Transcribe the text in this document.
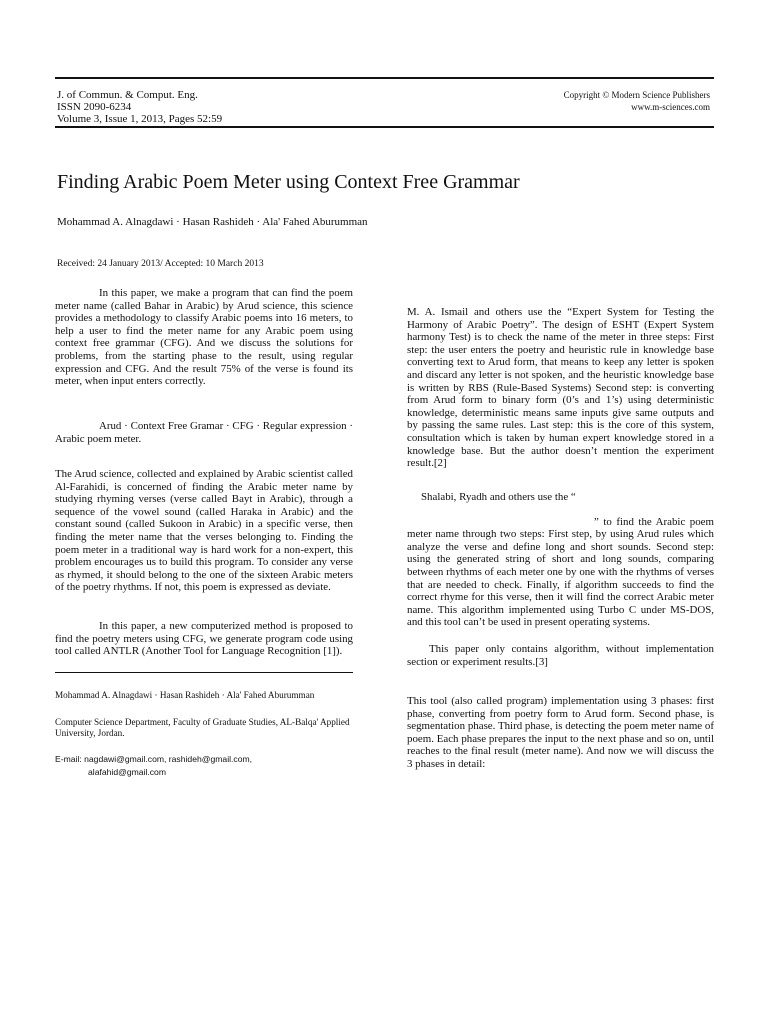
J. of Commun. & Comput. Eng.
ISSN 2090-6234
Volume 3, Issue 1, 2013, Pages 52:59
Copyright © Modern Science Publishers
www.m-sciences.com
Finding Arabic Poem Meter using Context Free Grammar
Mohammad A. Alnagdawi · Hasan Rashideh · Ala' Fahed Aburumman
Received: 24 January 2013/ Accepted: 10 March 2013

In this paper, we make a program that can find the poem meter name (called Bahar in Arabic) by Arud science, this science provides a methodology to classify Arabic poems into 16 meters, to help a user to find the meter name for any Arabic poem using context free grammar (CFG). And we discuss the solutions for problems, from the starting phase to the result, using regular expression and CFG. And the result 75% of the verse is found its meter, when input enters correctly.

Arud · Context Free Gramar · CFG · Regular expression · Arabic poem meter.

The Arud science, collected and explained by Arabic scientist called Al-Farahidi, is concerned of finding the Arabic meter name by studying rhyming verses (verse called Bayt in Arabic), through a sequence of the vowel sound (called Haraka in Arabic) and the constant sound (called Sukoon in Arabic) in a specific verse, then finding the meter name that the verses belonging to. Finding the poem meter in a traditional way is hard work for a non-expert, this problem encourages us to build this program. To consider any verse as rhymed, it should belong to the one of the sixteen Arabic meters of the poetry rhythms. If not, this poem is expressed as deviate.

In this paper, a new computerized method is proposed to find the poetry meters using CFG, we generate program code using tool called ANTLR (Another Tool for Language Recognition [1]).

Mohammad A. Alnagdawi · Hasan Rashideh · Ala' Fahed Aburumman
Computer Science Department, Faculty of Graduate Studies, AL-Balqa' Applied University, Jordan.
E-mail: nagdawi@gmail.com, rashideh@gmail.com,
alafahid@gmail.com

M. A. Ismail and others use the “Expert System for Testing the Harmony of Arabic Poetry”. The design of ESHT (Expert System harmony Test) is to check the name of the meter in three steps: First step: the user enters the poetry and heuristic rule in knowledge base converting text to Arud form, that means to keep any letter is spoken and discard any letter is not spoken, and the heuristic knowledge base is written by RBS (Rule-Based Systems) Second step: is converting from Arud form to binary form (0’s and 1’s) using deterministic knowledge, deterministic means same inputs give same outputs and by passing the same rules. Last step: this is the core of this system, consultation which is taken by human expert knowledge stored in a knowledge base. But the author doesn’t mention the experiment result.[2]

Shalabi, Ryadh and others use the “

” to find the Arabic poem meter name through two steps: First step, by using Arud rules which analyze the verse and define long and short sounds. Second step: using the generated string of short and long sounds, comparing between rhythms of each meter one by one with the rhythms of verses that are needed to check. Finally, if algorithm succeeds to find the correct rhyme for this verse, then it will find the correct Arabic meter name. This algorithm implemented using Turbo C under MS-DOS, and this tool can’t be used in present operating systems.

This paper only contains algorithm, without implementation section or experiment results.[3]

This tool (also called program) implementation using 3 phases: first phase, converting from poetry form to Arud form. Second phase, is segmentation phase. Third phase, is detecting the poem meter name of poem. Each phase prepares the input to the next phase and so on, until reaches to the final result (meter name). And now we will discuss the 3 phases in detail:
